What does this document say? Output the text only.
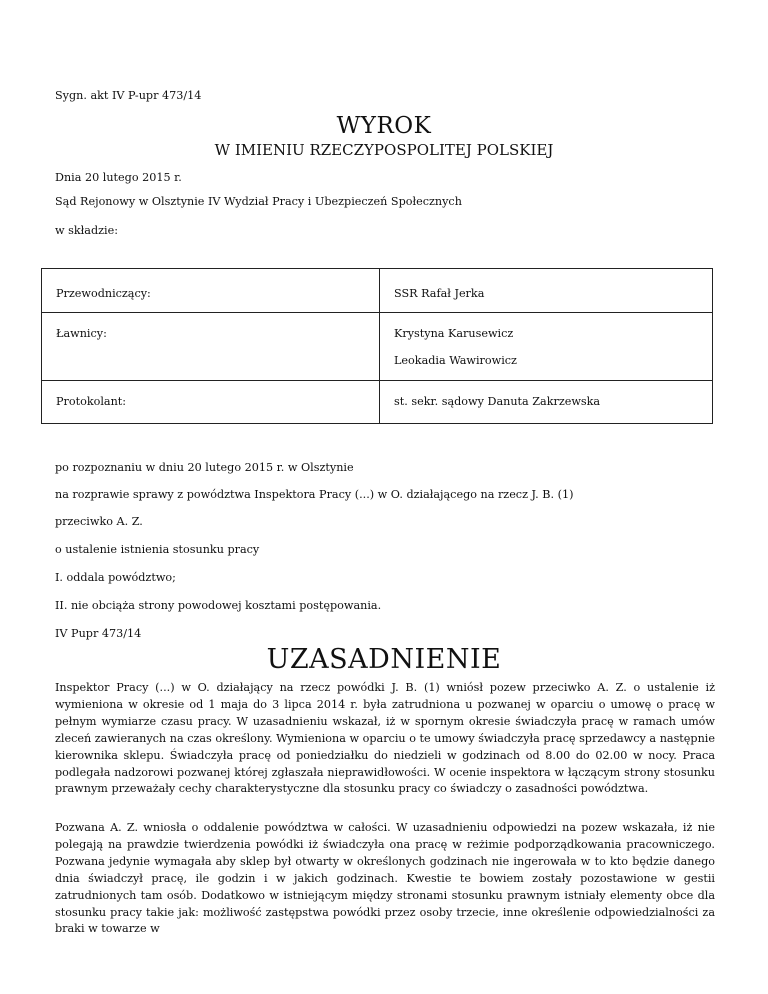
Sygn. akt IV P-upr 473/14
WYROK
W IMIENIU RZECZYPOSPOLITEJ POLSKIEJ
Dnia 20 lutego 2015 r.
Sąd Rejonowy w Olsztynie IV Wydział Pracy i Ubezpieczeń Społecznych
w składzie:
Przewodniczący:	SSR Rafał Jerka

Ławnicy:	Krystyna Karusewicz
Leokadia Wawirowicz

Protokolant:	st. sekr. sądowy Danuta Zakrzewska
po rozpoznaniu w dniu 20 lutego 2015 r. w Olsztynie
na rozprawie sprawy z powództwa Inspektora Pracy (...) w O. działającego na rzecz J. B. (1)
przeciwko A. Z.
o ustalenie istnienia stosunku pracy
I. oddala powództwo;
II. nie obciąża strony powodowej kosztami postępowania.
IV Pupr 473/14
UZASADNIENIE
Inspektor Pracy (...) w O. działający na rzecz powódki J. B. (1) wniósł pozew przeciwko A. Z. o ustalenie iż wymieniona w okresie od 1 maja do 3 lipca 2014 r. była zatrudniona u pozwanej w oparciu o umowę o pracę w pełnym wymiarze czasu pracy. W uzasadnieniu wskazał, iż w spornym okresie świadczyła pracę w ramach umów zleceń zawieranych na czas określony. Wymieniona w oparciu o te umowy świadczyła pracę sprzedawcy a następnie kierownika sklepu. Świadczyła pracę od poniedziałku do niedzieli w godzinach od 8.00 do 02.00 w nocy. Praca podlegała nadzorowi pozwanej której zgłaszała nieprawidłowości. W ocenie inspektora w łączącym strony stosunku prawnym przeważały cechy charakterystyczne dla stosunku pracy co świadczy o zasadności powództwa.
Pozwana A. Z. wniosła o oddalenie powództwa w całości. W uzasadnieniu odpowiedzi na pozew wskazała, iż nie polegają na prawdzie twierdzenia powódki iż świadczyła ona pracę w reżimie podporządkowania pracowniczego. Pozwana jedynie wymagała aby sklep był otwarty w określonych godzinach nie ingerowała w to kto będzie danego dnia świadczył pracę, ile godzin i w jakich godzinach. Kwestie te bowiem zostały pozostawione w gestii zatrudnionych tam osób. Dodatkowo w istniejącym między stronami stosunku prawnym istniały elementy obce dla stosunku pracy takie jak: możliwość zastępstwa powódki przez osoby trzecie, inne określenie odpowiedzialności za braki w towarze w
